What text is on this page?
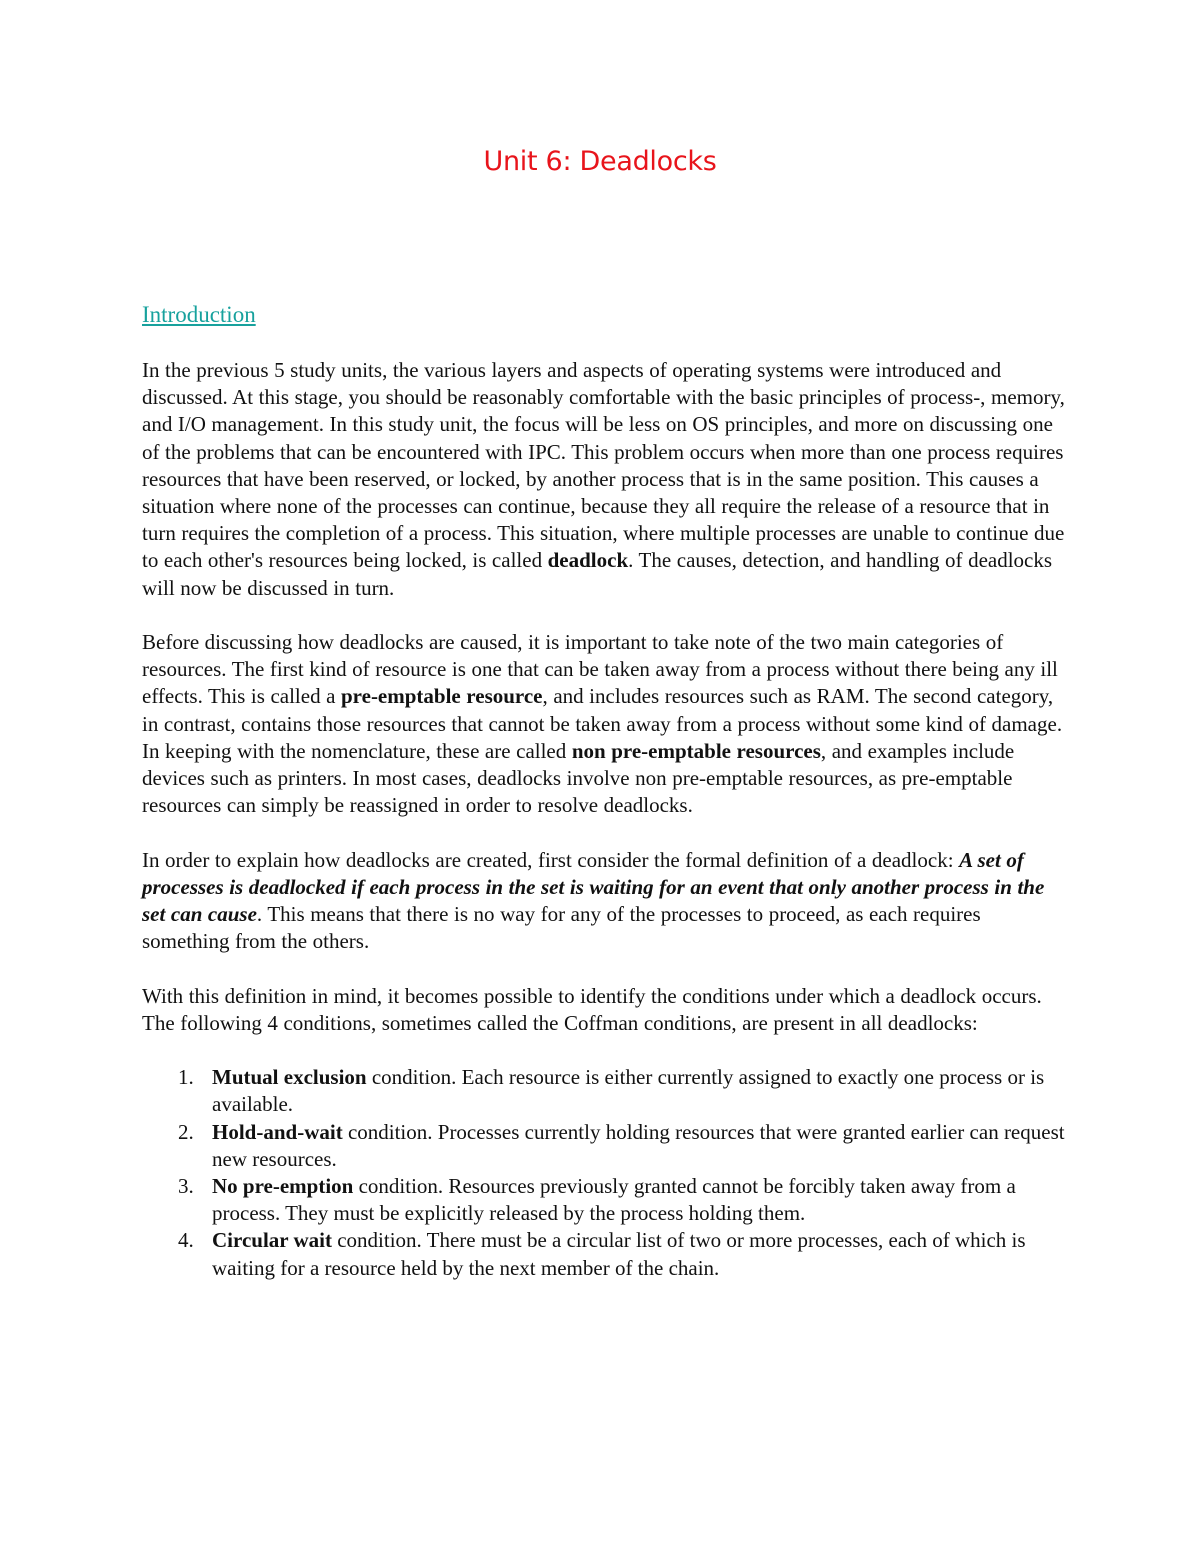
Unit 6: Deadlocks
Introduction

In the previous 5 study units, the various layers and aspects of operating systems were introduced and discussed. At this stage, you should be reasonably comfortable with the basic principles of process-, memory, and I/O management. In this study unit, the focus will be less on OS principles, and more on discussing one of the problems that can be encountered with IPC. This problem occurs when more than one process requires resources that have been reserved, or locked, by another process that is in the same position. This causes a situation where none of the processes can continue, because they all require the release of a resource that in turn requires the completion of a process. This situation, where multiple processes are unable to continue due to each other's resources being locked, is called deadlock. The causes, detection, and handling of deadlocks will now be discussed in turn.

Before discussing how deadlocks are caused, it is important to take note of the two main categories of resources. The first kind of resource is one that can be taken away from a process without there being any ill effects. This is called a pre-emptable resource, and includes resources such as RAM. The second category, in contrast, contains those resources that cannot be taken away from a process without some kind of damage. In keeping with the nomenclature, these are called non pre-emptable resources, and examples include devices such as printers. In most cases, deadlocks involve non pre-emptable resources, as pre-emptable resources can simply be reassigned in order to resolve deadlocks.

In order to explain how deadlocks are created, first consider the formal definition of a deadlock: A set of processes is deadlocked if each process in the set is waiting for an event that only another process in the set can cause. This means that there is no way for any of the processes to proceed, as each requires something from the others.

With this definition in mind, it becomes possible to identify the conditions under which a deadlock occurs. The following 4 conditions, sometimes called the Coffman conditions, are present in all deadlocks:

1. Mutual exclusion condition. Each resource is either currently assigned to exactly one process or is available.
2. Hold-and-wait condition. Processes currently holding resources that were granted earlier can request new resources.
3. No pre-emption condition. Resources previously granted cannot be forcibly taken away from a process. They must be explicitly released by the process holding them.
4. Circular wait condition. There must be a circular list of two or more processes, each of which is waiting for a resource held by the next member of the chain.
